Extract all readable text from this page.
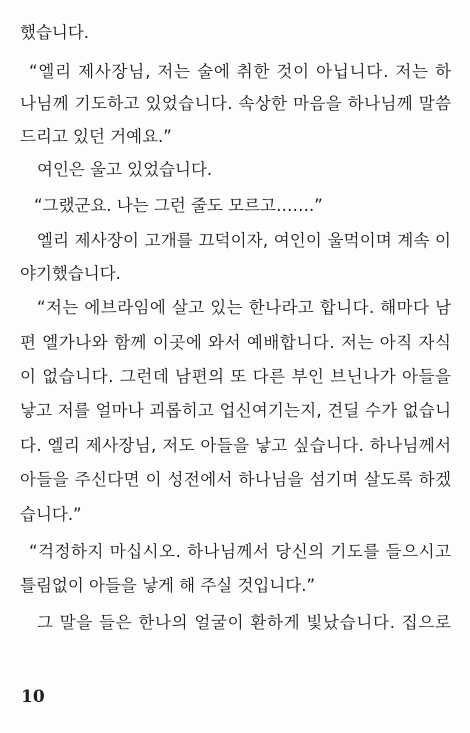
했습니다.
“엘리 제사장님, 저는 술에 취한 것이 아닙니다. 저는 하
나님께 기도하고 있었습니다. 속상한 마음을 하나님께 말씀
드리고 있던 거예요.”
여인은 울고 있었습니다.
“그랬군요. 나는 그런 줄도 모르고…….”
엘리 제사장이 고개를 끄덕이자, 여인이 울먹이며 계속 이
야기했습니다.
“저는 에브라임에 살고 있는 한나라고 합니다. 해마다 남
편 엘가나와 함께 이곳에 와서 예배합니다. 저는 아직 자식
이 없습니다. 그런데 남편의 또 다른 부인 브닌나가 아들을
낳고 저를 얼마나 괴롭히고 업신여기는지, 견딜 수가 없습니
다. 엘리 제사장님, 저도 아들을 낳고 싶습니다. 하나님께서
아들을 주신다면 이 성전에서 하나님을 섬기며 살도록 하겠
습니다.”
“걱정하지 마십시오. 하나님께서 당신의 기도를 들으시고
틀림없이 아들을 낳게 해 주실 것입니다.”
그 말을 들은 한나의 얼굴이 환하게 빛났습니다. 집으로
10
